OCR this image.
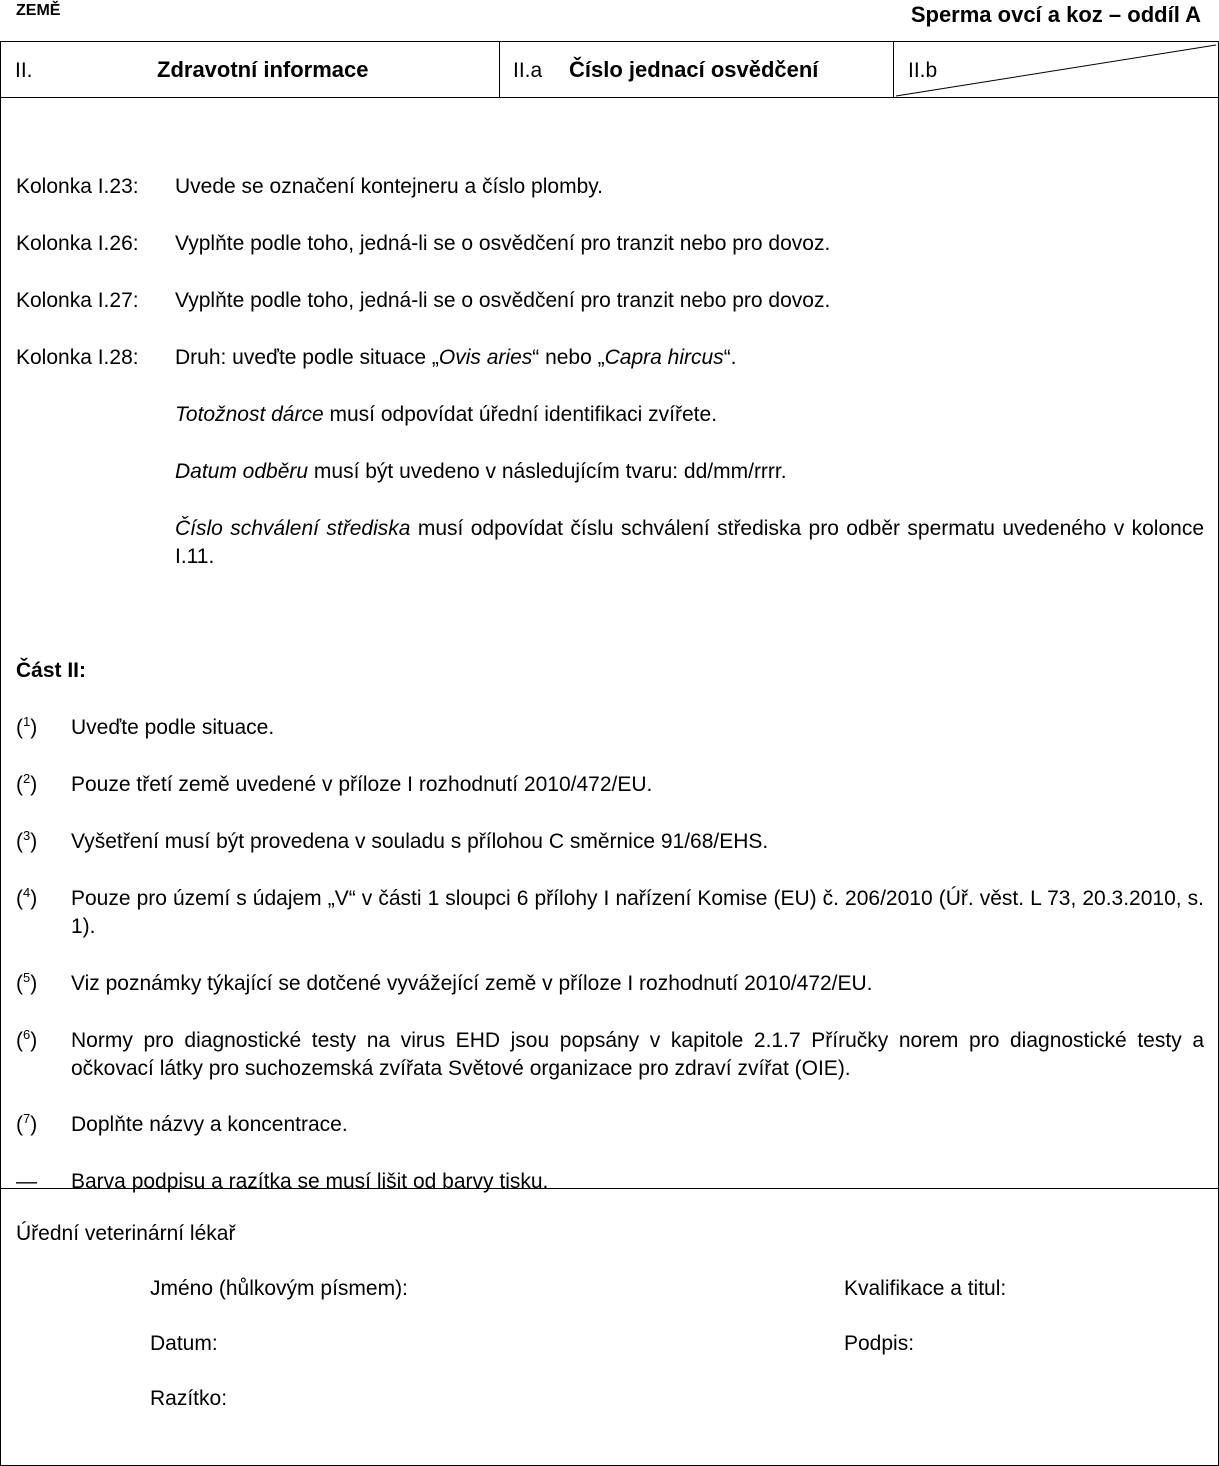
ZEMĚ	Sperma ovcí a koz – oddíl A
II.	Zdravotní informace	II.a Číslo jednací osvědčení	II.b
Kolonka I.23: Uvede se označení kontejneru a číslo plomby.
Kolonka I.26: Vyplňte podle toho, jedná-li se o osvědčení pro tranzit nebo pro dovoz.
Kolonka I.27: Vyplňte podle toho, jedná-li se o osvědčení pro tranzit nebo pro dovoz.
Kolonka I.28: Druh: uveďte podle situace „Ovis aries“ nebo „Capra hircus“.
Totožnost dárce musí odpovídat úřední identifikaci zvířete.
Datum odběru musí být uvedeno v následujícím tvaru: dd/mm/rrrr.
Číslo schválení střediska musí odpovídat číslu schválení střediska pro odběr spermatu uvedeného v kolonce I.11.
Část II:
($^1$) Uveďte podle situace.
($^2$) Pouze třetí země uvedené v příloze I rozhodnutí 2010/472/EU.
($^3$) Vyšetření musí být provedena v souladu s přílohou C směrnice 91/68/EHS.
($^4$) Pouze pro území s údajem „V“ v části 1 sloupci 6 přílohy I nařízení Komise (EU) č. 206/2010 (Úř. věst. L 73, 20.3.2010, s. 1).
($^5$) Viz poznámky týkající se dotčené vyvážející země v příloze I rozhodnutí 2010/472/EU.
($^6$) Normy pro diagnostické testy na virus EHD jsou popsány v kapitole 2.1.7 Příručky norem pro diagnostické testy a očkovací látky pro suchozemská zvířata Světové organizace pro zdraví zvířat (OIE).
($^7$) Doplňte názvy a koncentrace.
— Barva podpisu a razítka se musí lišit od barvy tisku.
Úřední veterinární lékař
Jméno (hůlkovým písmem):	Kvalifikace a titul:
Datum:	Podpis:
Razítko:
